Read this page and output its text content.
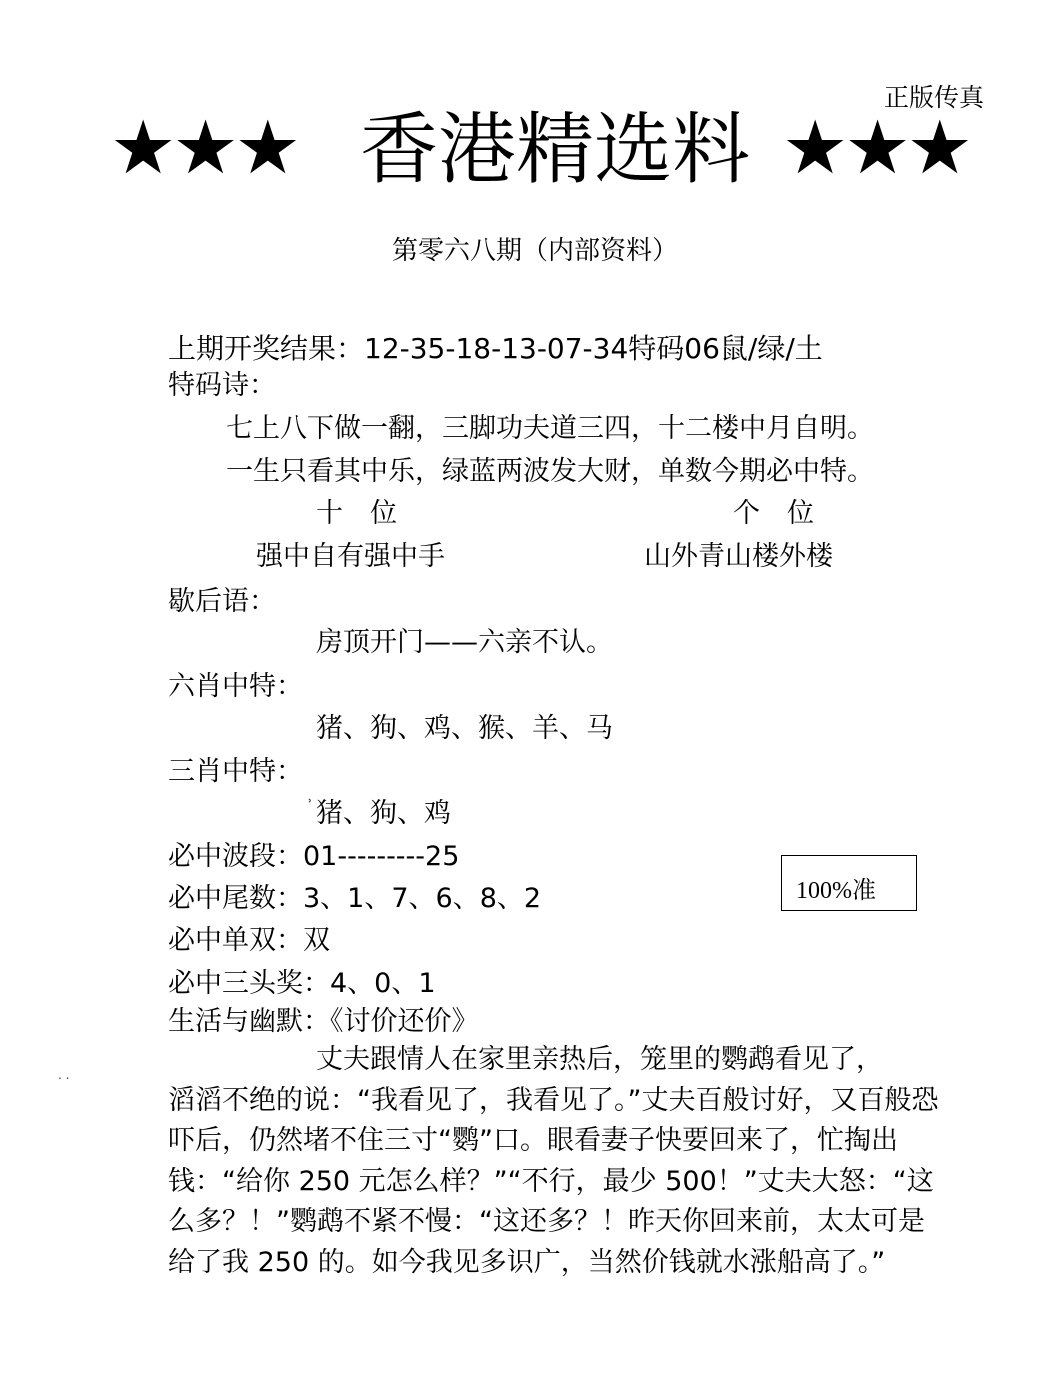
正版传真
★★★ 香港精选料 ★★★
第零六八期（内部资料）
上期开奖结果：12-35-18-13-07-34特码06鼠/绿/土
特码诗：
七上八下做一翻，三脚功夫道三四，十二楼中月自明。
一生只看其中乐，绿蓝两波发大财，单数今期必中特。
十　位	个　位
强中自有强中手	山外青山楼外楼
歇后语：
房顶开门——六亲不认。
六肖中特：
猪、狗、鸡、猴、羊、马
三肖中特：
˒ 猪、狗、鸡
必中波段：01---------25
必中尾数：3、1、7、6、8、2
必中单双：双
必中三头奖：4、0、1
100%准
生活与幽默：《讨价还价》

丈夫跟情人在家里亲热后，笼里的鹦鹉看见了，

滔滔不绝的说：“我看见了，我看见了。”丈夫百般讨好，又百般恐吓后，仍然堵不住三寸“鹦”口。眼看妻子快要回来了，忙掏出钱：“给你 250 元怎么样？”“不行，最少 500！”丈夫大怒：“这么多？！”鹦鹉不紧不慢：“这还多？！昨天你回来前，太太可是给了我 250 的。如今我见多识广，当然价钱就水涨船高了。”

. .
